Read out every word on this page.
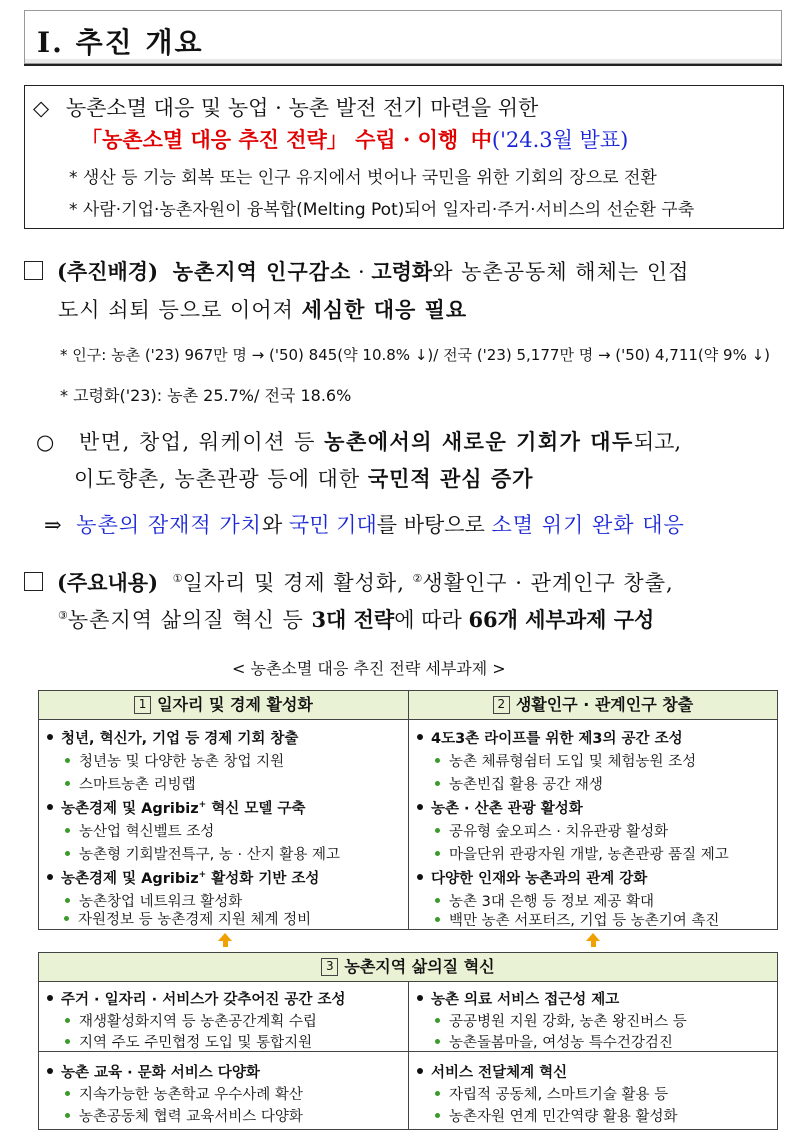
Ⅰ. 추진 개요
◇ 농촌소멸 대응 및 농업 · 농촌 발전 전기 마련을 위한
「농촌소멸 대응 추진 전략」 수립 · 이행 中('24.3월 발표)
* 생산 등 기능 회복 또는 인구 유지에서 벗어나 국민을 위한 기회의 장으로 전환
* 사람·기업·농촌자원이 융복합(Melting Pot)되어 일자리·주거·서비스의 선순환 구축
(추진배경) 농촌지역 인구감소 · 고령화와 농촌공동체 해체는 인접
도시 쇠퇴 등으로 이어져 세심한 대응 필요
* 인구: 농촌 ('23) 967만 명 → ('50) 845(약 10.8% ↓)/ 전국 ('23) 5,177만 명 → ('50) 4,711(약 9% ↓)
* 고령화('23): 농촌 25.7%/ 전국 18.6%
○ 반면, 창업, 워케이션 등 농촌에서의 새로운 기회가 대두되고,
이도향촌, 농촌관광 등에 대한 국민적 관심 증가
⇒ 농촌의 잠재적 가치와 국민 기대를 바탕으로 소멸 위기 완화 대응
(주요내용) ①일자리 및 경제 활성화, ②생활인구 · 관계인구 창출,
③농촌지역 삶의질 혁신 등 3대 전략에 따라 66개 세부과제 구성
< 농촌소멸 대응 추진 전략 세부과제 >
1 일자리 및 경제 활성화
청년, 혁신가, 기업 등 경제 기회 창출
청년농 및 다양한 농촌 창업 지원
스마트농촌 리빙랩
농촌경제 및 Agribiz+ 혁신 모델 구축
농산업 혁신벨트 조성
농촌형 기회발전특구, 농 · 산지 활용 제고
농촌경제 및 Agribiz+ 활성화 기반 조성
농촌창업 네트워크 활성화
2 생활인구 · 관계인구 창출
4도3촌 라이프를 위한 제3의 공간 조성
농촌 체류형쉼터 도입 및 체험농원 조성
농촌빈집 활용 공간 재생
농촌 · 산촌 관광 활성화
공유형 숲오피스 · 치유관광 활성화
마을단위 관광자원 개발, 농촌관광 품질 제고
다양한 인재와 농촌과의 관계 강화
농촌 3대 은행 등 정보 제공 확대
백만 농촌 서포터즈, 기업 등 농촌기여 촉진
자원정보 등 농촌경제 지원 체계 정비
3 농촌지역 삶의질 혁신
주거 · 일자리 · 서비스가 갖추어진 공간 조성
재생활성화지역 등 농촌공간계획 수립
지역 주도 주민협정 도입 및 통합지원
농촌 의료 서비스 접근성 제고
공공병원 지원 강화, 농촌 왕진버스 등
농촌돌봄마을, 여성농 특수건강검진
농촌 교육 · 문화 서비스 다양화
지속가능한 농촌학교 우수사례 확산
농촌공동체 협력 교육서비스 다양화
서비스 전달체계 혁신
자립적 공동체, 스마트기술 활용 등
농촌자원 연계 민간역량 활용 활성화
